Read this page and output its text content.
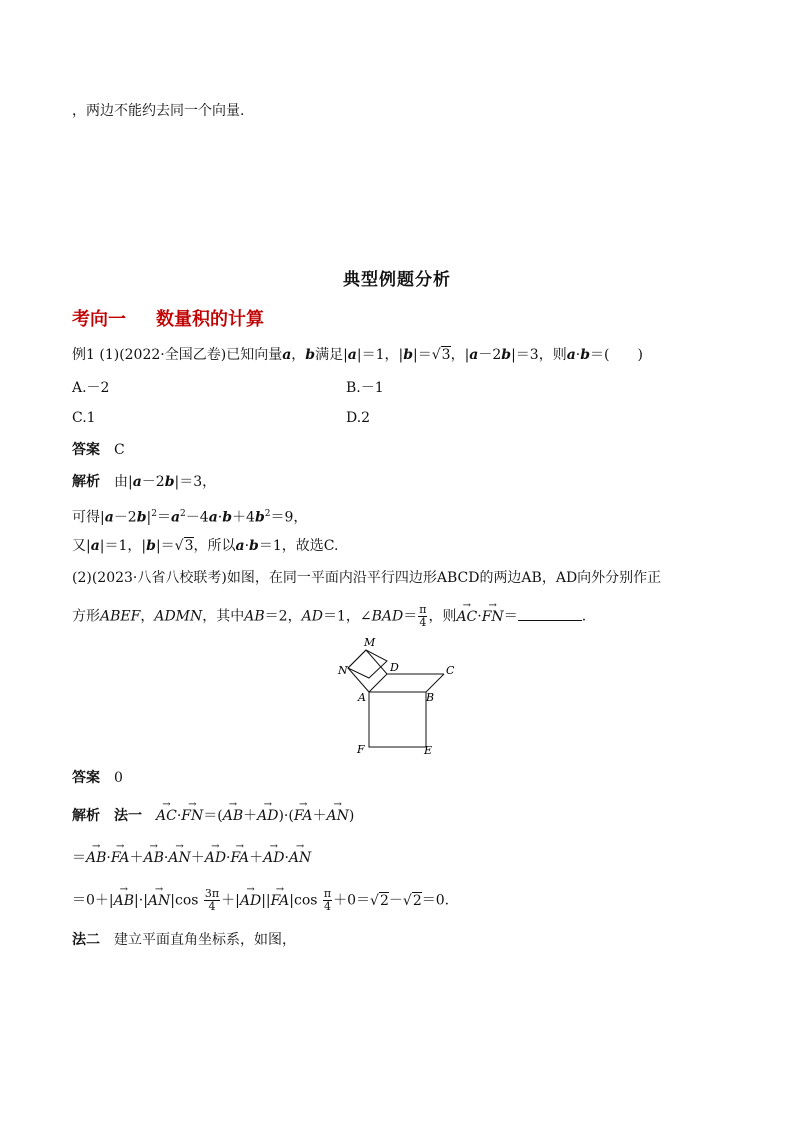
，两边不能约去同一个向量.
典型例题分析
考向一 数量积的计算
例1 (1)(2022·全国乙卷)已知向量a，b满足|a|＝1，|b|＝√3，|a－2b|＝3，则a·b＝(　　)
A.－2	B.－1
C.1	D.2
答案　 C
解析　由|a－2b|＝3，
可得$|a-2b|^2=a^2-4a\cdot b+4b^2=9$，
又|a|＝1，|b|＝√3，所以a·b＝1，故选C.
(2)(2023·八省八校联考)如图，在同一平面内沿平行四边形ABCD的两边AB，AD向外分别作正
方形ABEF，ADMN，其中AB＝2，AD＝1，∠BAD＝ $\frac{\pi}{4}$ ，则→ AC·→ FN＝	.
M
N	D	C
A	B
F	E
答案　 0
解析　 法一　→ AC·→ FN＝(→ AB＋→ AD)·(→ FA＋→ AN)
＝→ AB·→ FA＋→ AB·→ AN＋→ AD·→ FA＋→ AD·→ AN
$=0+|\to AB|\cdot|\to AN|\cos \frac{3\pi}{4}$ ＋|→ $AD||\to FA|\cos \frac{\pi}{4} +0=√2-√2=0$.
法二　 建立平面直角坐标系，如图，
